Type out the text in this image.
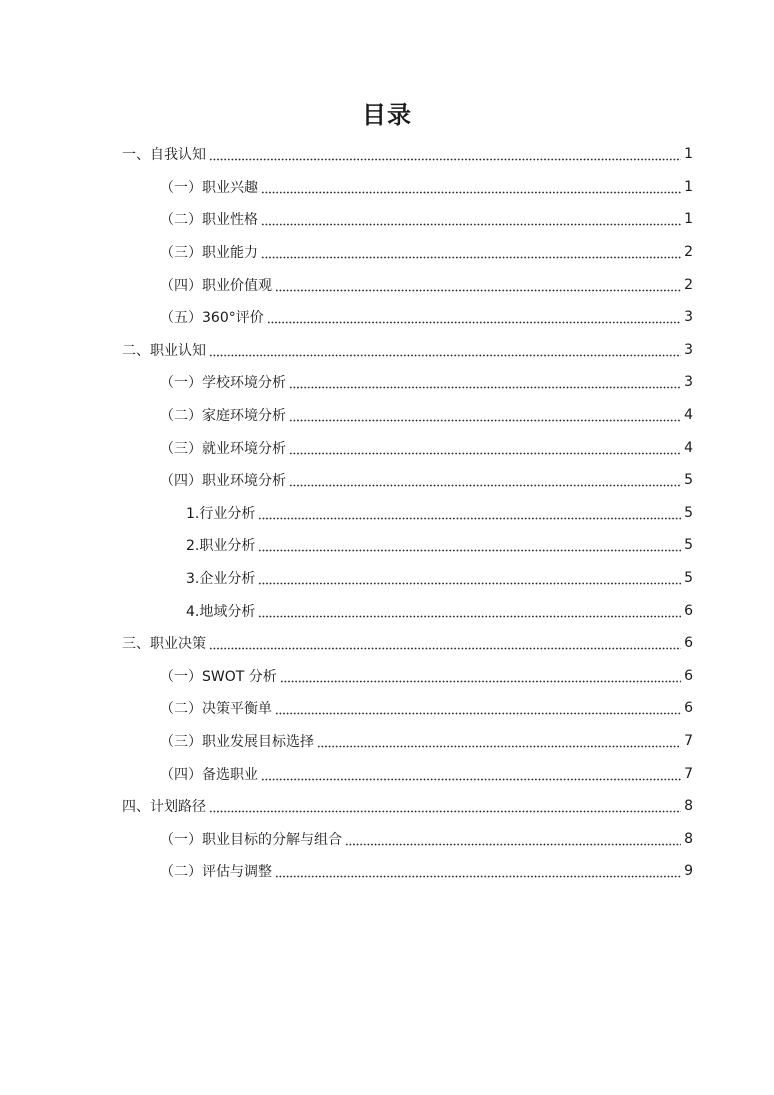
目录
一、自我认知	1
（一）职业兴趣	1
（二）职业性格	1
（三）职业能力	2
（四）职业价值观	2
（五）360°评价	3
二、职业认知	3
（一）学校环境分析	3
（二）家庭环境分析	4
（三）就业环境分析	4
（四）职业环境分析	5
1.行业分析	5
2.职业分析	5
3.企业分析	5
4.地域分析	6
三、职业决策	6
（一）SWOT 分析	6
（二）决策平衡单	6
（三）职业发展目标选择	7
（四）备选职业	7
四、计划路径	8
（一）职业目标的分解与组合	8
（二）评估与调整	9
